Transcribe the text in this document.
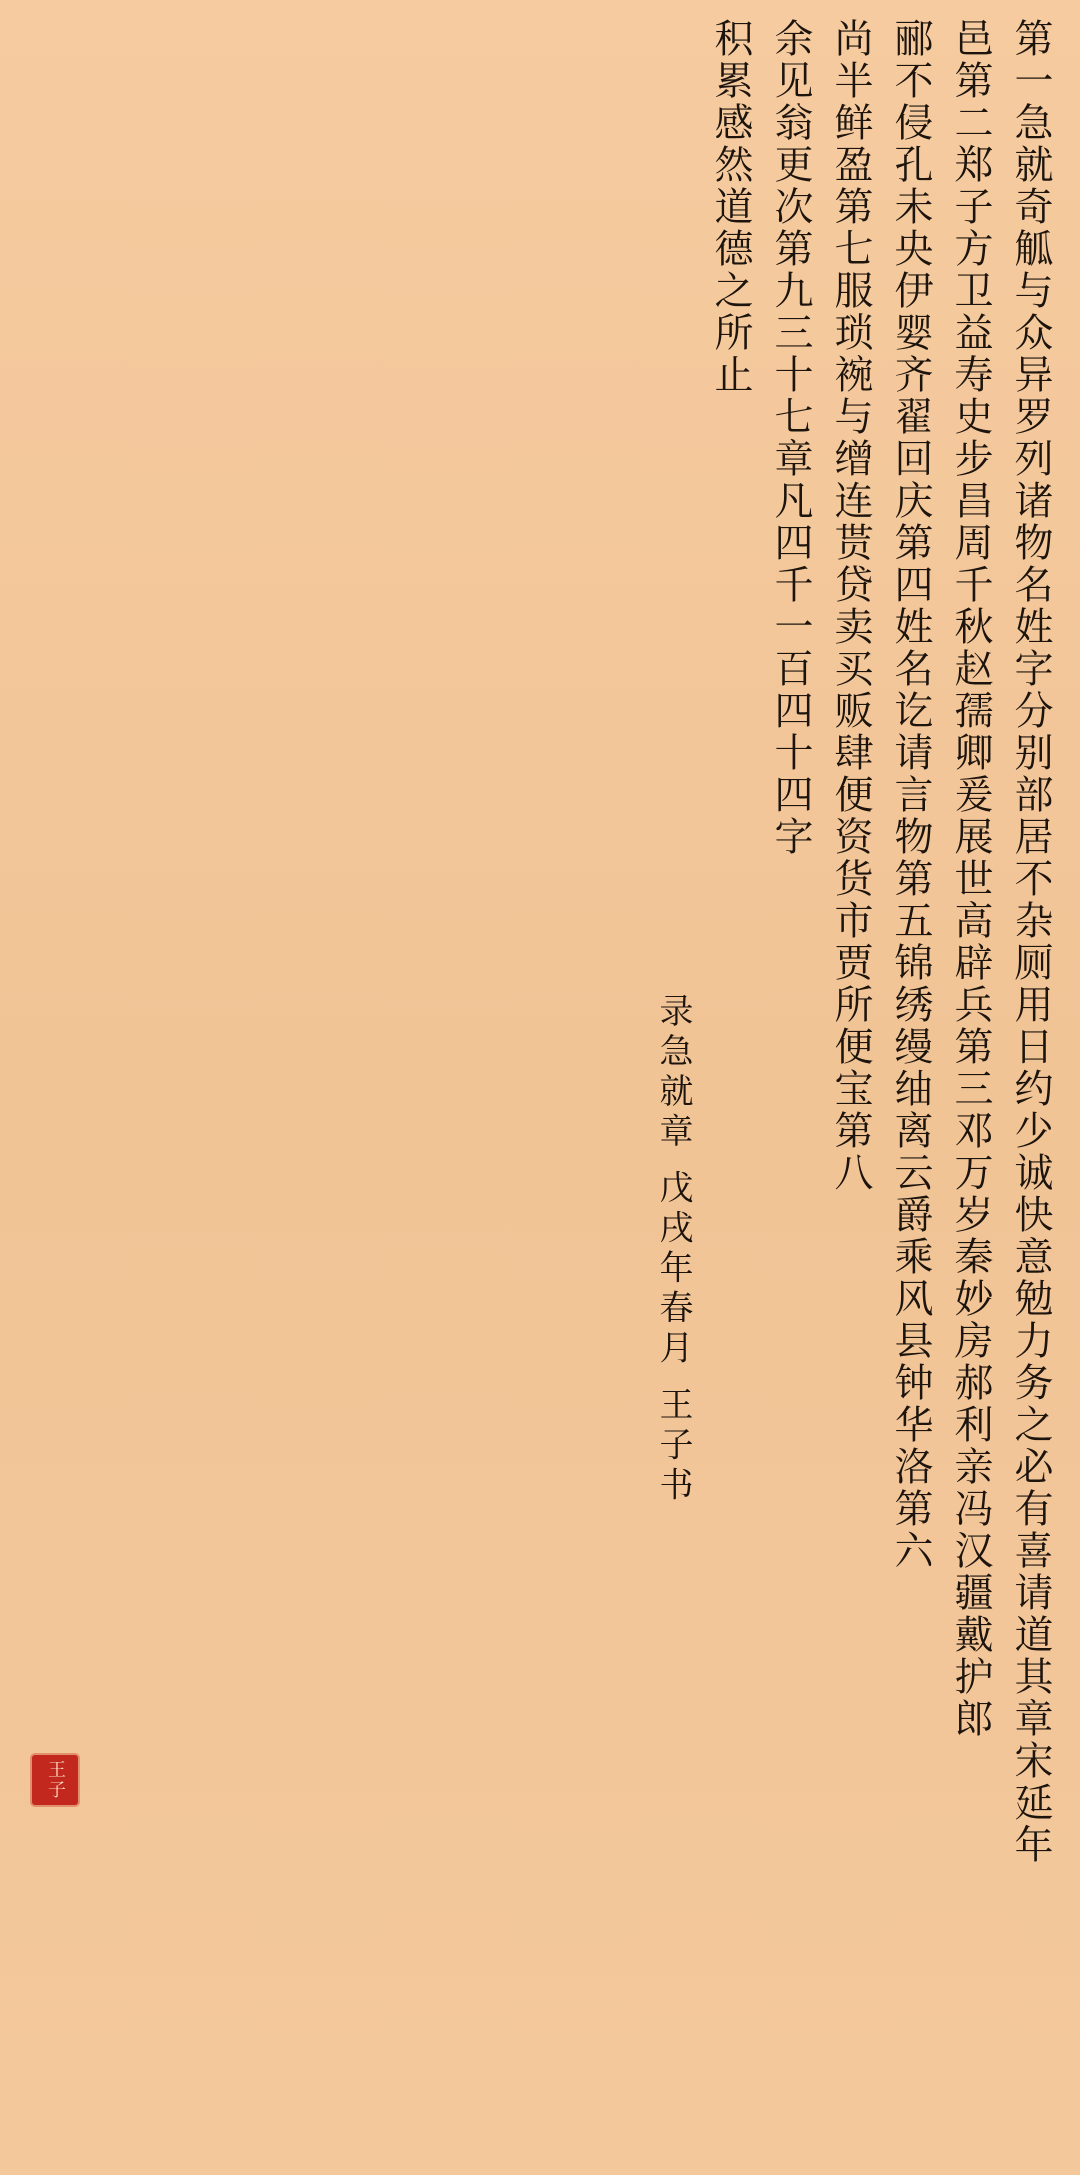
第一急就奇觚与众异罗列诸物名姓字分别部居不杂厕用日约少诚快意勉力务之必有喜请道其章宋延年
邑第二郑子方卫益寿史步昌周千秋赵孺卿爰展世高辟兵第三邓万岁秦妙房郝利亲冯汉疆戴护郎
郦不侵孔未央伊婴齐翟回庆第四姓名讫请言物第五锦绣缦䌷离云爵乘风县钟华洛第六
尚半鲜盈第七服琐䘼与缯连贳贷卖买贩肆便资货市贾所便宝第八
余见翁更次第九三十七章凡四千一百四十四字
积累感然道德之所止
录急就章 戊戌年春月 王子书
王子
